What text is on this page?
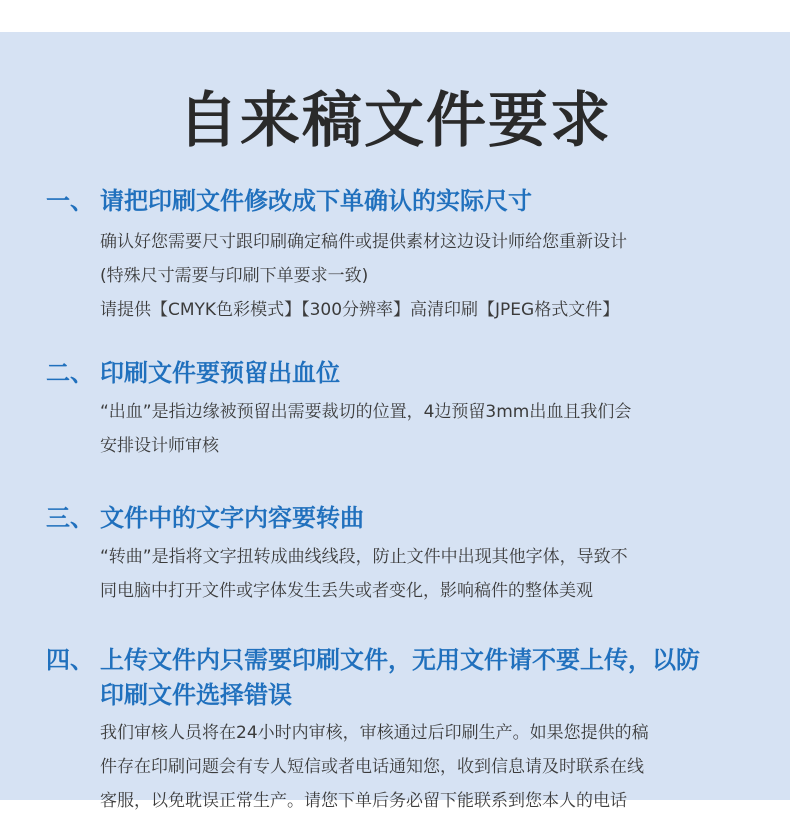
自来稿文件要求
一、 请把印刷文件修改成下单确认的实际尺寸
确认好您需要尺寸跟印刷确定稿件或提供素材这边设计师给您重新设计
(特殊尺寸需要与印刷下单要求一致)
请提供【CMYK色彩模式】【300分辨率】高清印刷【JPEG格式文件】
二、 印刷文件要预留出血位
“出血”是指边缘被预留出需要裁切的位置，4边预留3mm出血且我们会
安排设计师审核
三、 文件中的文字内容要转曲
“转曲”是指将文字扭转成曲线线段，防止文件中出现其他字体，导致不
同电脑中打开文件或字体发生丢失或者变化，影响稿件的整体美观
四、 上传文件内只需要印刷文件，无用文件请不要上传，以防
印刷文件选择错误
我们审核人员将在24小时内审核，审核通过后印刷生产。如果您提供的稿
件存在印刷问题会有专人短信或者电话通知您，收到信息请及时联系在线
客服，以免耽误正常生产。请您下单后务必留下能联系到您本人的电话
